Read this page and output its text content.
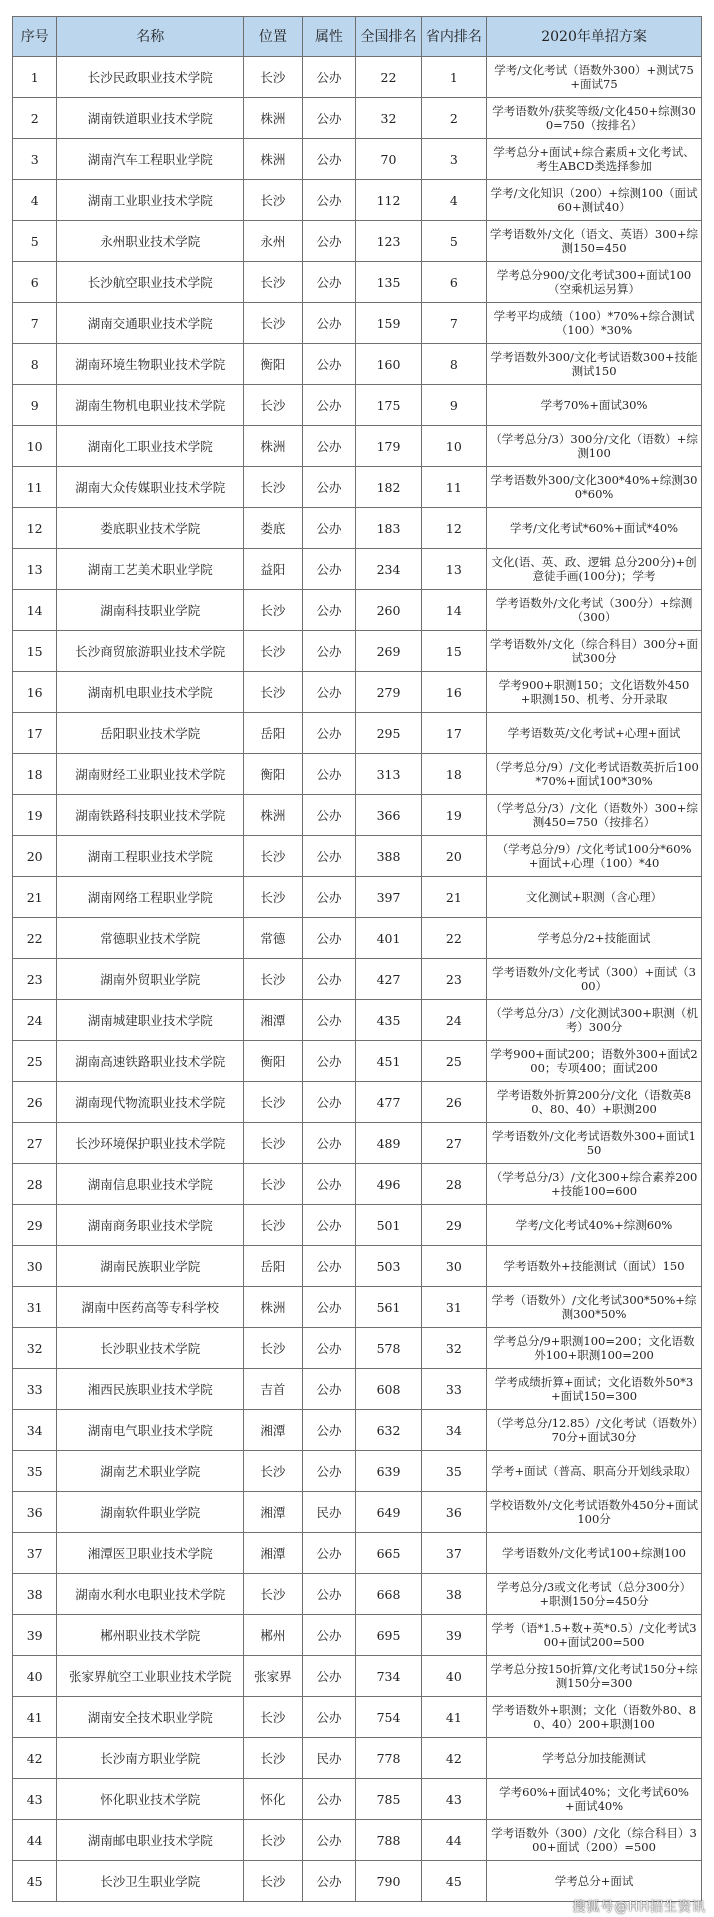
序号	名称	位置	属性	全国排名	省内排名	2020年单招方案
1	长沙民政职业技术学院	长沙	公办	22	1	学考/文化考试（语数外300）+测试75+面试75
2	湖南铁道职业技术学院	株洲	公办	32	2	学考语数外/获奖等级/文化450+综测300=750（按排名）
3	湖南汽车工程职业学院	株洲	公办	70	3	学考总分+面试+综合素质+文化考试、考生ABCD类选择参加
4	湖南工业职业技术学院	长沙	公办	112	4	学考/文化知识（200）+综测100（面试60+测试40）
5	永州职业技术学院	永州	公办	123	5	学考语数外/文化（语文、英语）300+综测150=450
6	长沙航空职业技术学院	长沙	公办	135	6	学考总分900/文化考试300+面试100（空乘机运另算）
7	湖南交通职业技术学院	长沙	公办	159	7	学考平均成绩（100）*70%+综合测试（100）*30%
8	湖南环境生物职业技术学院	衡阳	公办	160	8	学考语数外300/文化考试语数300+技能测试150
9	湖南生物机电职业技术学院	长沙	公办	175	9	学考70%+面试30%
10	湖南化工职业技术学院	株洲	公办	179	10	（学考总分/3）300分/文化（语数）+综测100
11	湖南大众传媒职业技术学院	长沙	公办	182	11	学考语数外300/文化300*40%+综测300*60%
12	娄底职业技术学院	娄底	公办	183	12	学考/文化考试*60%+面试*40%
13	湖南工艺美术职业学院	益阳	公办	234	13	文化(语、英、政、逻辑 总分200分)+创意徒手画(100分)；学考
14	湖南科技职业学院	长沙	公办	260	14	学考语数外/文化考试（300分）+综测（300）
15	长沙商贸旅游职业技术学院	长沙	公办	269	15	学考语数外/文化（综合科目）300分+面试300分
16	湖南机电职业技术学院	长沙	公办	279	16	学考900+职测150；文化语数外450+职测150、机考、分开录取
17	岳阳职业技术学院	岳阳	公办	295	17	学考语数英/文化考试+心理+面试
18	湖南财经工业职业技术学院	衡阳	公办	313	18	（学考总分/9）/文化考试语数英折后100*70%+面试100*30%
19	湖南铁路科技职业技术学院	株洲	公办	366	19	（学考总分/3）/文化（语数外）300+综测450=750（按排名）
20	湖南工程职业技术学院	长沙	公办	388	20	（学考总分/9）/文化考试100分*60%+面试+心理（100）*40
21	湖南网络工程职业学院	长沙	公办	397	21	文化测试+职测（含心理）
22	常德职业技术学院	常德	公办	401	22	学考总分/2+技能面试
23	湖南外贸职业学院	长沙	公办	427	23	学考语数外/文化考试（300）+面试（300）
24	湖南城建职业技术学院	湘潭	公办	435	24	（学考总分/3）/文化测试300+职测（机考）300分
25	湖南高速铁路职业技术学院	衡阳	公办	451	25	学考900+面试200；语数外300+面试200；专项400；面试200
26	湖南现代物流职业技术学院	长沙	公办	477	26	学考语数外折算200分/文化（语数英80、80、40）+职测200
27	长沙环境保护职业技术学院	长沙	公办	489	27	学考语数外/文化考试语数外300+面试150
28	湖南信息职业技术学院	长沙	公办	496	28	（学考总分/3）/文化300+综合素养200+技能100=600
29	湖南商务职业技术学院	长沙	公办	501	29	学考/文化考试40%+综测60%
30	湖南民族职业学院	岳阳	公办	503	30	学考语数外+技能测试（面试）150
31	湖南中医药高等专科学校	株洲	公办	561	31	学考（语数外）/文化考试300*50%+综测300*50%
32	长沙职业技术学院	长沙	公办	578	32	学考总分/9+职测100=200；文化语数外100+职测100=200
33	湘西民族职业技术学院	吉首	公办	608	33	学考成绩折算+面试；文化语数外50*3+面试150=300
34	湖南电气职业技术学院	湘潭	公办	632	34	（学考总分/12.85）/文化考试（语数外）70分+面试30分
35	湖南艺术职业学院	长沙	公办	639	35	学考+面试（普高、职高分开划线录取）
36	湖南软件职业学院	湘潭	民办	649	36	学校语数外/文化考试语数外450分+面试100分
37	湘潭医卫职业技术学院	湘潭	公办	665	37	学考语数外/文化考试100+综测100
38	湖南水利水电职业技术学院	长沙	公办	668	38	学考总分/3或文化考试（总分300分）+职测150分=450分
39	郴州职业技术学院	郴州	公办	695	39	学考（语*1.5+数+英*0.5）/文化考试300+面试200=500
40	张家界航空工业职业技术学院	张家界	公办	734	40	学考总分按150折算/文化考试150分+综测150分=300
41	湖南安全技术职业学院	长沙	公办	754	41	学考语数外+职测；文化（语数外80、80、40）200+职测100
42	长沙南方职业学院	长沙	民办	778	42	学考总分加技能测试
43	怀化职业技术学院	怀化	公办	785	43	学考60%+面试40%；文化考试60%+面试40%
44	湖南邮电职业技术学院	长沙	公办	788	44	学考语数外（300）/文化（综合科目）300+面试（200）=500
45	长沙卫生职业学院	长沙	公办	790	45	学考总分+面试
搜狐号@HH招生资讯
